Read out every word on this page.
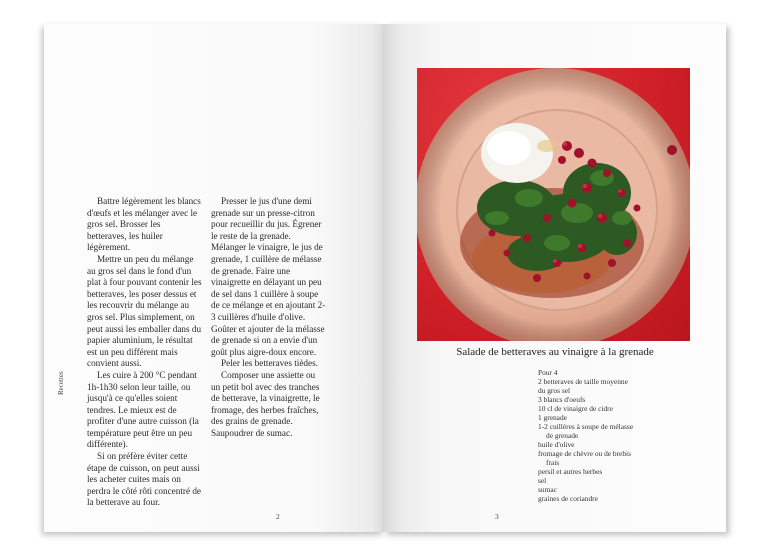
Recettes

Battre légèrement les blancs d'œufs et les mélanger avec le gros sel. Brosser les betteraves, les huiler légèrement.

Mettre un peu du mélange au gros sel dans le fond d'un plat à four pouvant contenir les betteraves, les poser dessus et les recouvrir du mélange au gros sel. Plus simplement, on peut aussi les emballer dans du papier aluminium, le résultat est un peu différent mais convient aussi.

Les cuire à 200 °C pendant 1h-1h30 selon leur taille, ou jusqu'à ce qu'elles soient tendres. Le mieux est de profiter d'une autre cuisson (la température peut être un peu différente).

Si on préfère éviter cette étape de cuisson, on peut aussi les acheter cuites mais on perdra le côté rôti concentré de la betterave au four.

Presser le jus d'une demi grenade sur un presse-citron pour recueillir du jus. Égrener le reste de la grenade. Mélanger le vinaigre, le jus de grenade, 1 cuillère de mélasse de grenade. Faire une vinaigrette en délayant un peu de sel dans 1 cuillère à soupe de ce mélange et en ajoutant 2-3 cuillères d'huile d'olive. Goûter et ajouter de la mélasse de grenade si on a envie d'un goût plus aigre-doux encore.

Peler les betteraves tièdes.

Composer une assiette ou un petit bol avec des tranches de betterave, la vinaigrette, le fromage, des herbes fraîches, des grains de grenade. Saupoudrer de sumac.

2
Salade de betteraves au vinaigre à la grenade
Pour 4
2 betteraves de taille moyenne
du gros sel
3 blancs d'oeufs
10 cl de vinaigre de cidre
1 grenade
1-2 cuillères à soupe de mélasse
de grenade
huile d'olive
fromage de chèvre ou de brebis
frais
persil et autres herbes
sel
sumac
graines de coriandre
3
